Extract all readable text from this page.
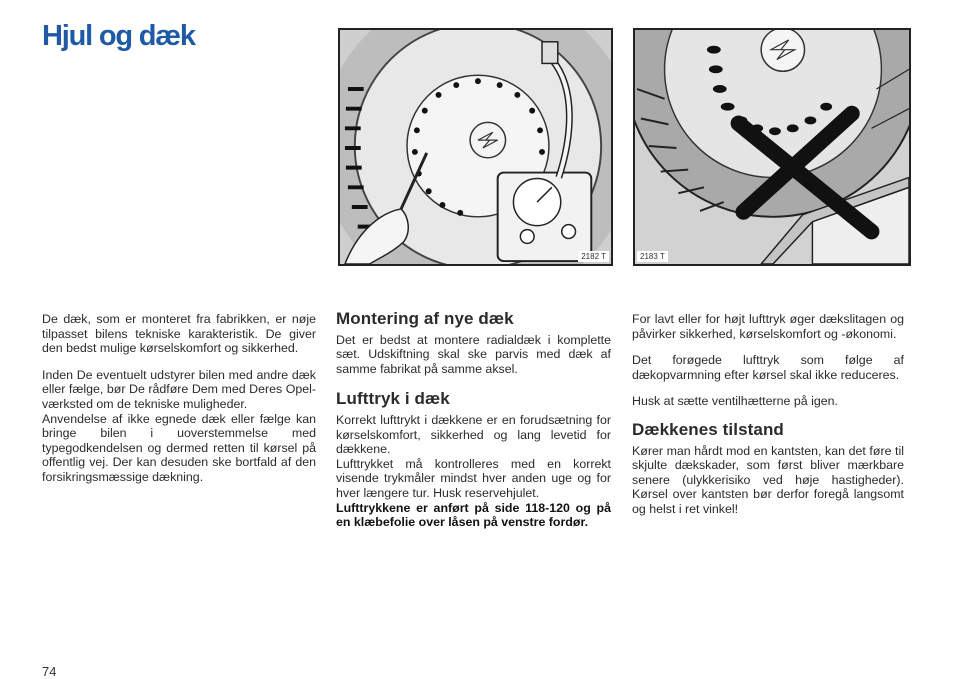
Hjul og dæk
2182 T	2183 T

De dæk, som er monteret fra fabrikken, er nøje tilpasset bilens tekniske karakteristik. De giver den bedst mulige kørselskomfort og sikkerhed.

Inden De eventuelt udstyrer bilen med andre dæk eller fælge, bør De rådføre Dem med Deres Opel-værksted om de tekniske muligheder.

Anvendelse af ikke egnede dæk eller fælge kan bringe bilen i uoverstemmelse med typegodkendelsen og dermed retten til kørsel på offentlig vej. Der kan desuden ske bortfald af den forsikringsmæssige dækning.

Montering af nye dæk

Det er bedst at montere radialdæk i komplette sæt. Udskiftning skal ske parvis med dæk af samme fabrikat på samme aksel.

Lufttryk i dæk

Korrekt lufttrykt i dækkene er en forudsætning for kørselskomfort, sikkerhed og lang levetid for dækkene.

Lufttrykket må kontrolleres med en korrekt visende trykmåler mindst hver anden uge og for hver længere tur. Husk reservehjulet.

Lufttrykkene er anført på side 118-120 og på en klæbefolie over låsen på venstre fordør.

For lavt eller for højt lufttryk øger dækslitagen og påvirker sikkerhed, kørselskomfort og -økonomi.

Det forøgede lufttryk som følge af dækopvarmning efter kørsel skal ikke reduceres.

Husk at sætte ventilhætterne på igen.

Dækkenes tilstand

Kører man hårdt mod en kantsten, kan det føre til skjulte dækskader, som først bliver mærkbare senere (ulykkerisiko ved høje hastigheder). Kørsel over kantsten bør derfor foregå langsomt og helst i ret vinkel!

74
